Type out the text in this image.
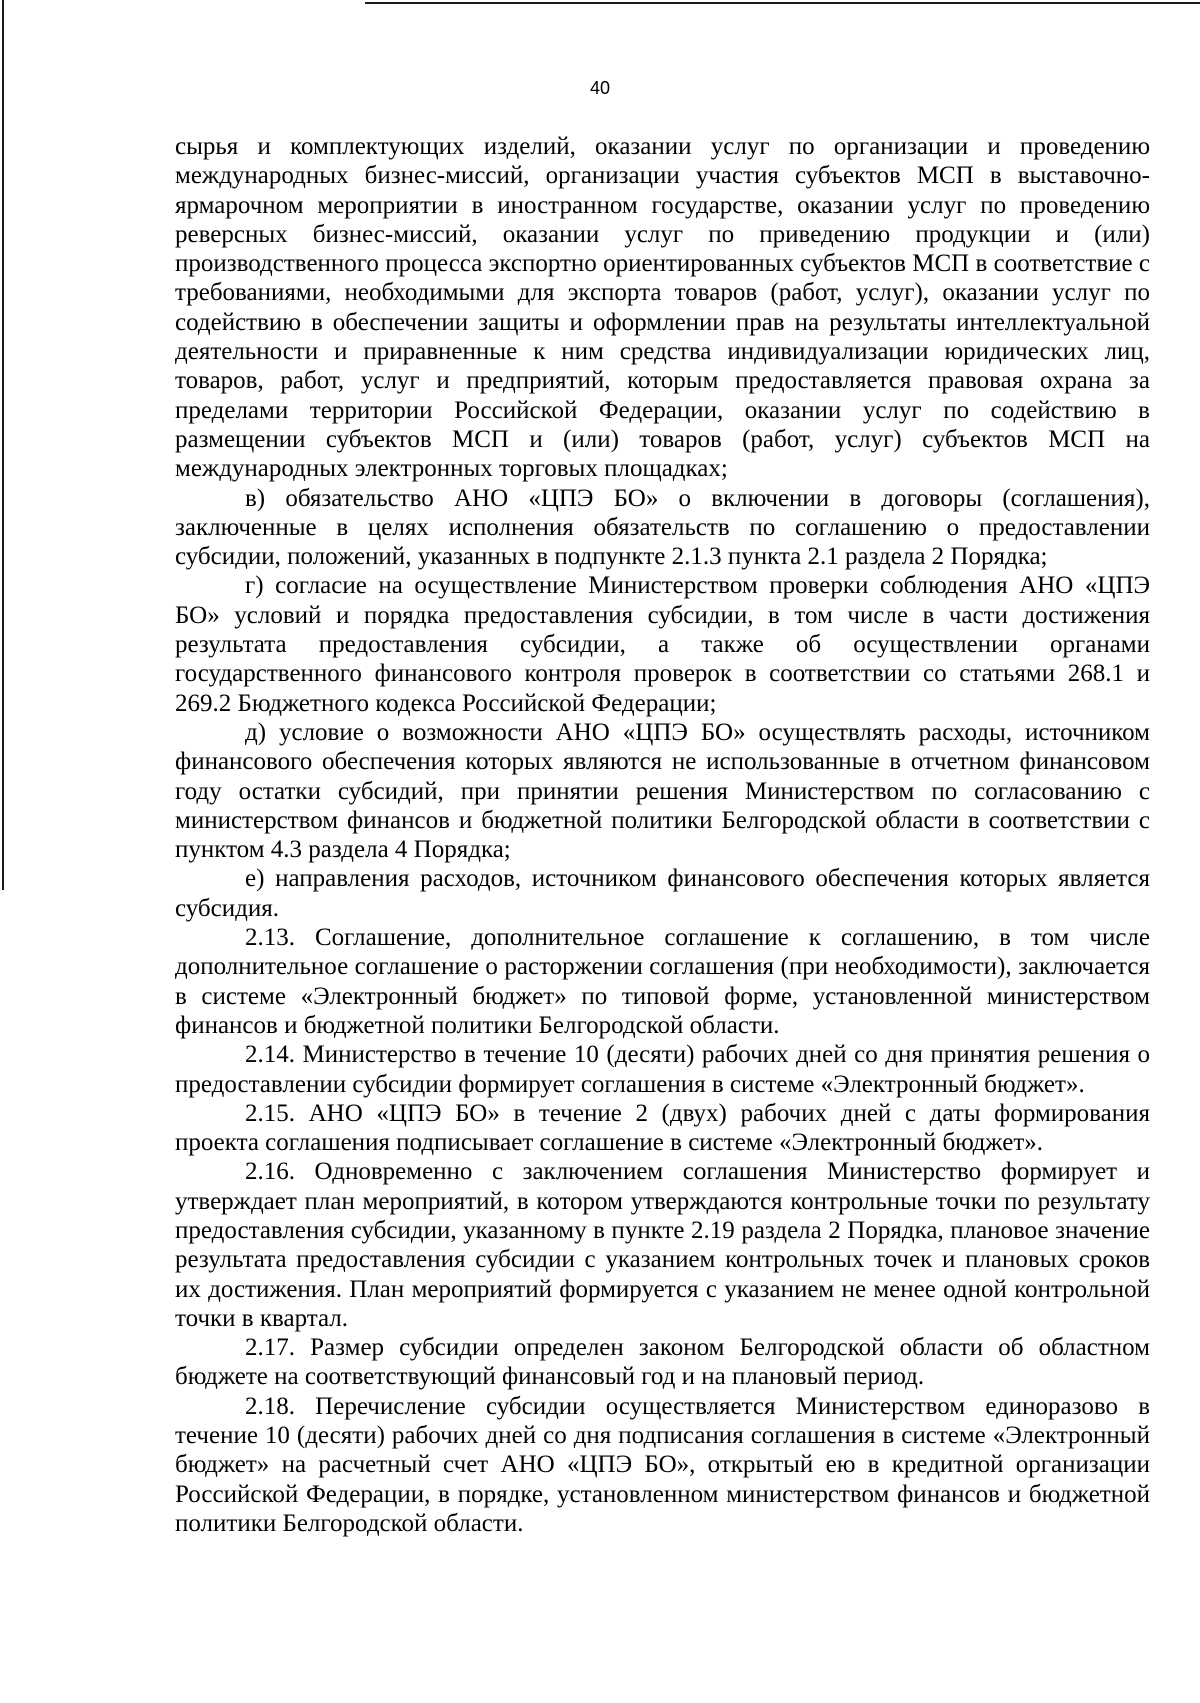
40

сырья и комплектующих изделий, оказании услуг по организации и проведению международных бизнес-миссий, организации участия субъектов МСП в выставочно-ярмарочном мероприятии в иностранном государстве, оказании услуг по проведению реверсных бизнес-миссий, оказании услуг по приведению продукции и (или) производственного процесса экспортно ориентированных субъектов МСП в соответствие с требованиями, необходимыми для экспорта товаров (работ, услуг), оказании услуг по содействию в обеспечении защиты и оформлении прав на результаты интеллектуальной деятельности и приравненные к ним средства индивидуализации юридических лиц, товаров, работ, услуг и предприятий, которым предоставляется правовая охрана за пределами территории Российской Федерации, оказании услуг по содействию в размещении субъектов МСП и (или) товаров (работ, услуг) субъектов МСП на международных электронных торговых площадках;

в) обязательство АНО «ЦПЭ БО» о включении в договоры (соглашения), заключенные в целях исполнения обязательств по соглашению о предоставлении субсидии, положений, указанных в подпункте 2.1.3 пункта 2.1 раздела 2 Порядка;

г) согласие на осуществление Министерством проверки соблюдения АНО «ЦПЭ БО» условий и порядка предоставления субсидии, в том числе в части достижения результата предоставления субсидии, а также об осуществлении органами государственного финансового контроля проверок в соответствии со статьями 268.1 и 269.2 Бюджетного кодекса Российской Федерации;

д) условие о возможности АНО «ЦПЭ БО» осуществлять расходы, источником финансового обеспечения которых являются не использованные в отчетном финансовом году остатки субсидий, при принятии решения Министерством по согласованию с министерством финансов и бюджетной политики Белгородской области в соответствии с пунктом 4.3 раздела 4 Порядка;

е) направления расходов, источником финансового обеспечения которых является субсидия.

2.13. Соглашение, дополнительное соглашение к соглашению, в том числе дополнительное соглашение о расторжении соглашения (при необходимости), заключается в системе «Электронный бюджет» по типовой форме, установленной министерством финансов и бюджетной политики Белгородской области.

2.14. Министерство в течение 10 (десяти) рабочих дней со дня принятия решения о предоставлении субсидии формирует соглашения в системе «Электронный бюджет».

2.15. АНО «ЦПЭ БО» в течение 2 (двух) рабочих дней с даты формирования проекта соглашения подписывает соглашение в системе «Электронный бюджет».

2.16. Одновременно с заключением соглашения Министерство формирует и утверждает план мероприятий, в котором утверждаются контрольные точки по результату предоставления субсидии, указанному в пункте 2.19 раздела 2 Порядка, плановое значение результата предоставления субсидии с указанием контрольных точек и плановых сроков их достижения. План мероприятий формируется с указанием не менее одной контрольной точки в квартал.

2.17. Размер субсидии определен законом Белгородской области об областном бюджете на соответствующий финансовый год и на плановый период.

2.18. Перечисление субсидии осуществляется Министерством единоразово в течение 10 (десяти) рабочих дней со дня подписания соглашения в системе «Электронный бюджет» на расчетный счет АНО «ЦПЭ БО», открытый ею в кредитной организации Российской Федерации, в порядке, установленном министерством финансов и бюджетной политики Белгородской области.
